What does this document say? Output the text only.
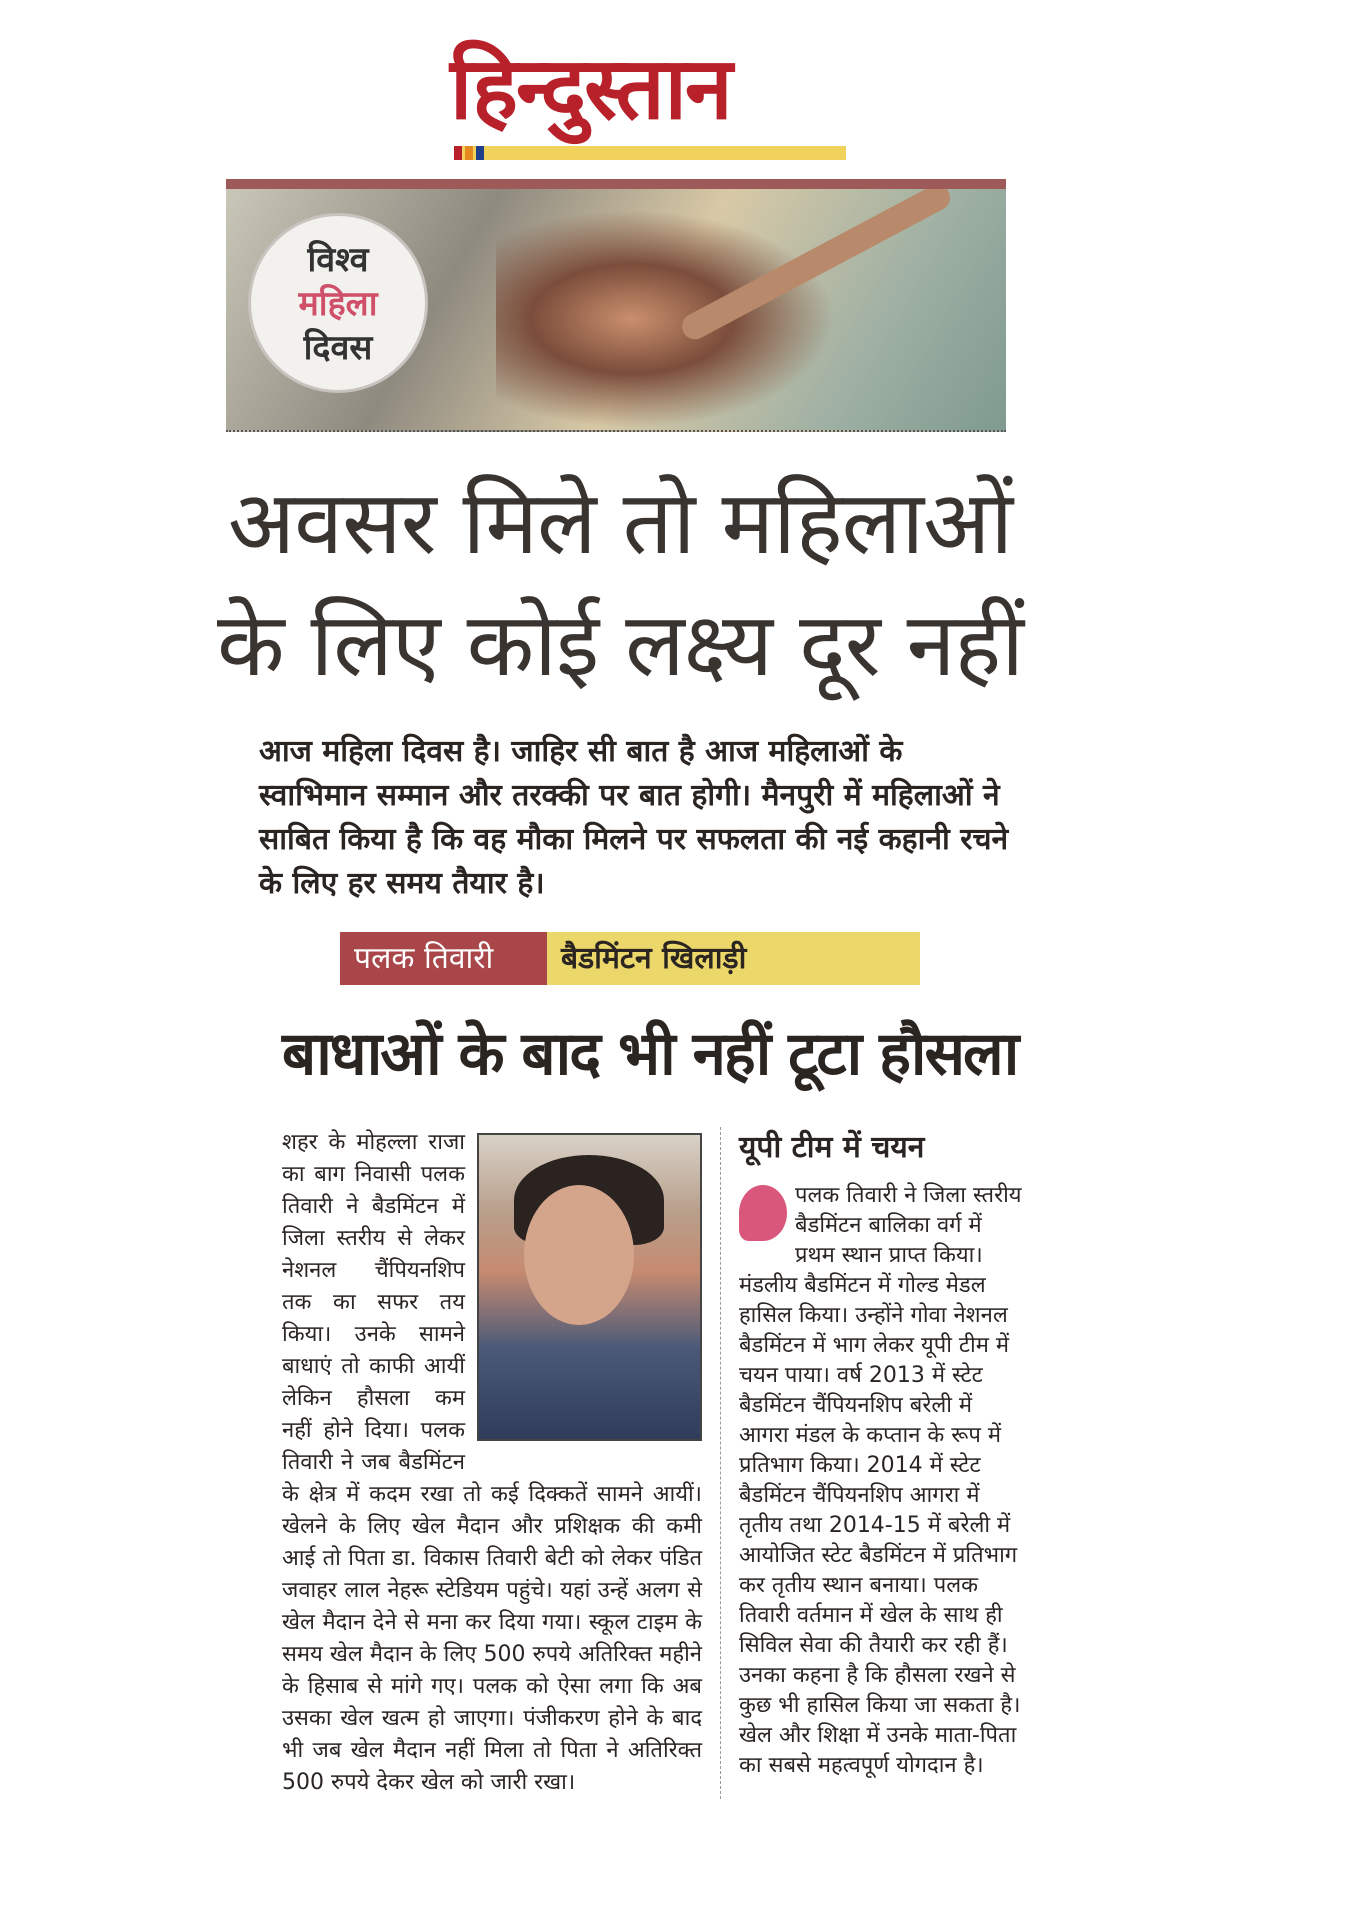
हिन्दुस्तान
विश्व
महिला
दिवस
अवसर मिले तो महिलाओं के लिए कोई लक्ष्य दूर नहीं

आज महिला दिवस है। जाहिर सी बात है आज महिलाओं के स्वाभिमान सम्मान और तरक्की पर बात होगी। मैनपुरी में महिलाओं ने साबित किया है कि वह मौका मिलने पर सफलता की नई कहानी रचने के लिए हर समय तैयार है।

पलक तिवारी	बैडमिंटन खिलाड़ी
बाधाओं के बाद भी नहीं टूटा हौसला
शहर के मोहल्ला राजा का बाग निवासी पलक तिवारी ने बैडमिंटन में जिला स्तरीय से लेकर नेशनल चैंपियनशिप तक का सफर तय किया। उनके सामने बाधाएं तो काफी आयीं लेकिन हौसला कम नहीं होने दिया। पलक तिवारी ने जब बैडमिंटन के क्षेत्र में कदम रखा तो कई दिक्कतें सामने आयीं। खेलने के लिए खेल मैदान और प्रशिक्षक की कमी आई तो पिता डा. विकास तिवारी बेटी को लेकर पंडित जवाहर लाल नेहरू स्टेडियम पहुंचे। यहां उन्हें अलग से खेल मैदान देने से मना कर दिया गया। स्कूल टाइम के समय खेल मैदान के लिए 500 रुपये अतिरिक्त महीने के हिसाब से मांगे गए। पलक को ऐसा लगा कि अब उसका खेल खत्म हो जाएगा। पंजीकरण होने के बाद भी जब खेल मैदान नहीं मिला तो पिता ने अतिरिक्त 500 रुपये देकर खेल को जारी रखा।
यूपी टीम में चयन

पलक तिवारी ने जिला स्तरीय बैडमिंटन बालिका वर्ग में प्रथम स्थान प्राप्त किया। मंडलीय बैडमिंटन में गोल्ड मेडल हासिल किया। उन्होंने गोवा नेशनल बैडमिंटन में भाग लेकर यूपी टीम में चयन पाया। वर्ष 2013 में स्टेट बैडमिंटन चैंपियनशिप बरेली में आगरा मंडल के कप्तान के रूप में प्रतिभाग किया। 2014 में स्टेट बैडमिंटन चैंपियनशिप आगरा में तृतीय तथा 2014-15 में बरेली में आयोजित स्टेट बैडमिंटन में प्रतिभाग कर तृतीय स्थान बनाया। पलक तिवारी वर्तमान में खेल के साथ ही सिविल सेवा की तैयारी कर रही हैं। उनका कहना है कि हौसला रखने से कुछ भी हासिल किया जा सकता है। खेल और शिक्षा में उनके माता-पिता का सबसे महत्वपूर्ण योगदान है।
